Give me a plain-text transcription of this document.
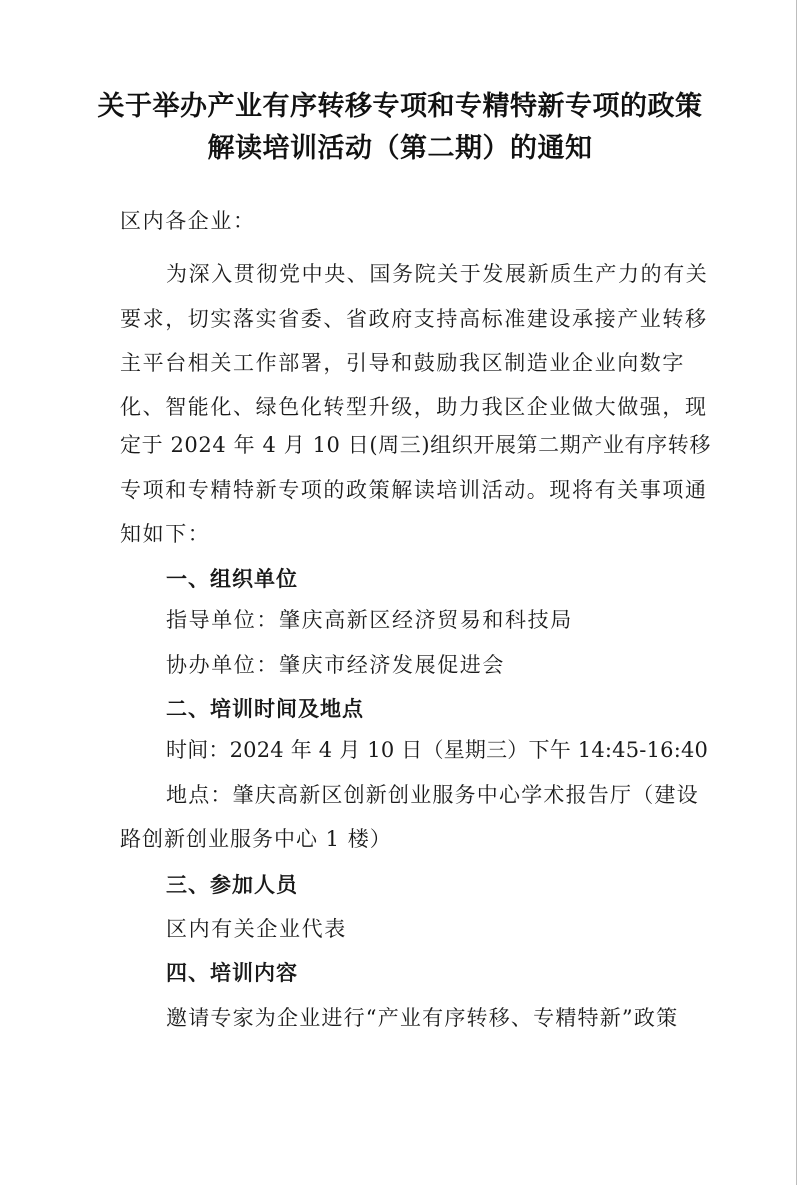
关于举办产业有序转移专项和专精特新专项的政策
解读培训活动（第二期）的通知
区内各企业：
为深入贯彻党中央、国务院关于发展新质生产力的有关
要求，切实落实省委、省政府支持高标准建设承接产业转移
主平台相关工作部署，引导和鼓励我区制造业企业向数字
化、智能化、绿色化转型升级，助力我区企业做大做强，现
定于 2024 年 4 月 10 日(周三)组织开展第二期产业有序转移
专项和专精特新专项的政策解读培训活动。现将有关事项通
知如下：
一、组织单位
指导单位：肇庆高新区经济贸易和科技局
协办单位：肇庆市经济发展促进会
二、培训时间及地点
时间：2024 年 4 月 10 日（星期三）下午 14:45-16:40
地点：肇庆高新区创新创业服务中心学术报告厅（建设
路创新创业服务中心 1 楼）
三、参加人员
区内有关企业代表
四、培训内容
邀请专家为企业进行“产业有序转移、专精特新”政策
